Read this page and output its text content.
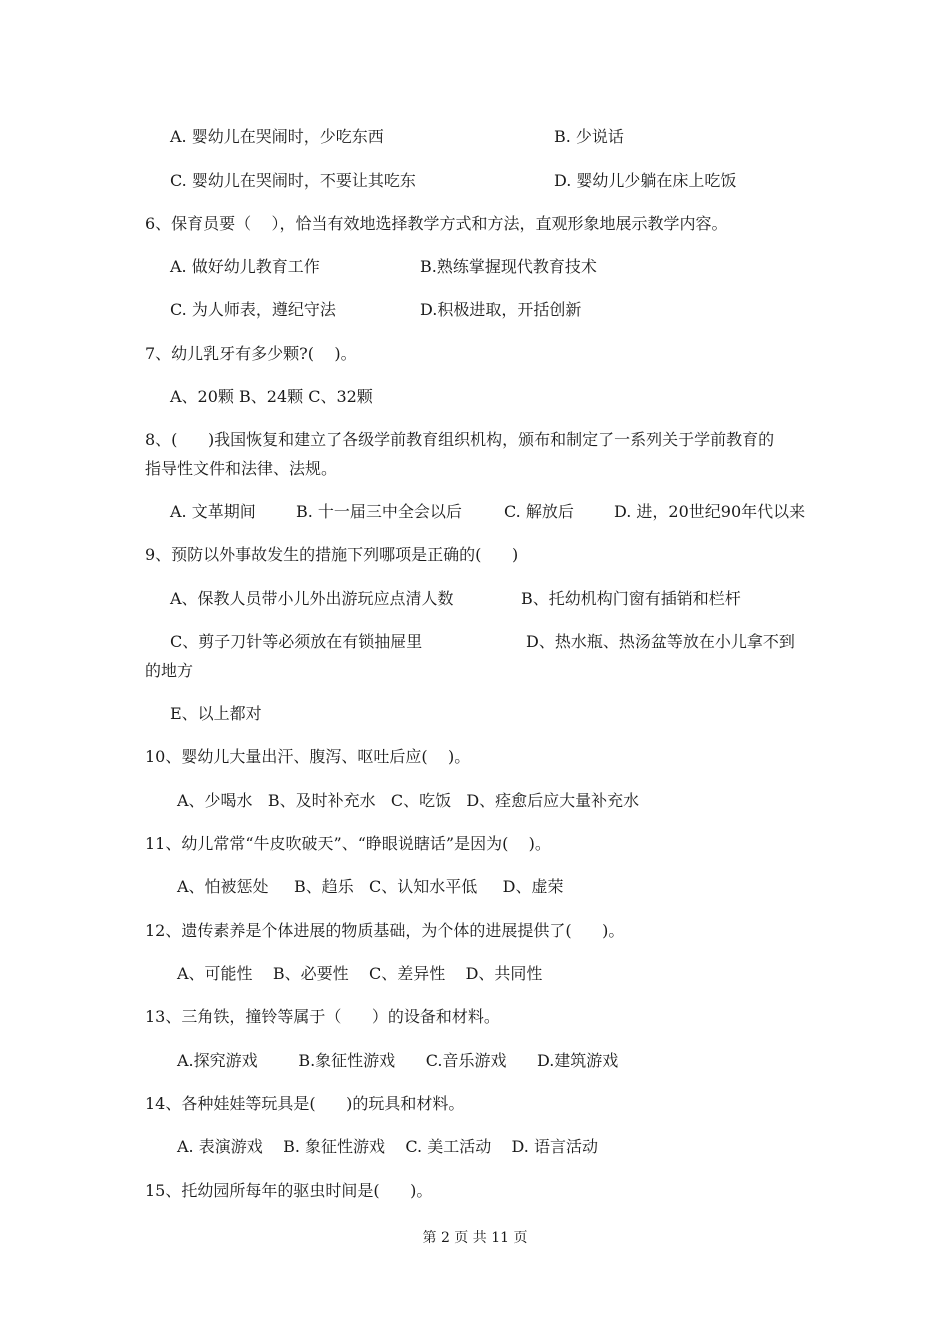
A. 婴幼儿在哭闹时，少吃东西	B. 少说话
C. 婴幼儿在哭闹时，不要让其吃东	D. 婴幼儿少躺在床上吃饭
6、保育员要（    ），恰当有效地选择教学方式和方法，直观形象地展示教学内容。
A. 做好幼儿教育工作	B.熟练掌握现代教育技术
C. 为人师表，遵纪守法	D.积极进取，开括创新
7、幼儿乳牙有多少颗?(    )。
A、20颗 B、24颗 C、32颗
8、(      )我国恢复和建立了各级学前教育组织机构，颁布和制定了一系列关于学前教育的
指导性文件和法律、法规。
A. 文革期间	B. 十一届三中全会以后	C. 解放后	D. 进，20世纪90年代以来
9、预防以外事故发生的措施下列哪项是正确的(      )
A、保教人员带小儿外出游玩应点清人数	B、托幼机构门窗有插销和栏杆
C、剪子刀针等必须放在有锁抽屉里	D、热水瓶、热汤盆等放在小儿拿不到
的地方
E、以上都对
10、婴幼儿大量出汗、腹泻、呕吐后应(    )。
A、少喝水   B、及时补充水   C、吃饭   D、痊愈后应大量补充水
11、幼儿常常“牛皮吹破天”、“睁眼说瞎话”是因为(    )。
A、怕被惩处     B、趋乐   C、认知水平低     D、虚荣
12、遗传素养是个体进展的物质基础，为个体的进展提供了(      )。
A、可能性    B、必要性    C、差异性    D、共同性
13、三角铁，撞铃等属于（      ）的设备和材料。
A.探究游戏        B.象征性游戏      C.音乐游戏      D.建筑游戏
14、各种娃娃等玩具是(      )的玩具和材料。
A. 表演游戏    B. 象征性游戏    C. 美工活动    D. 语言活动
15、托幼园所每年的驱虫时间是(      )。
第 2 页 共 11 页
